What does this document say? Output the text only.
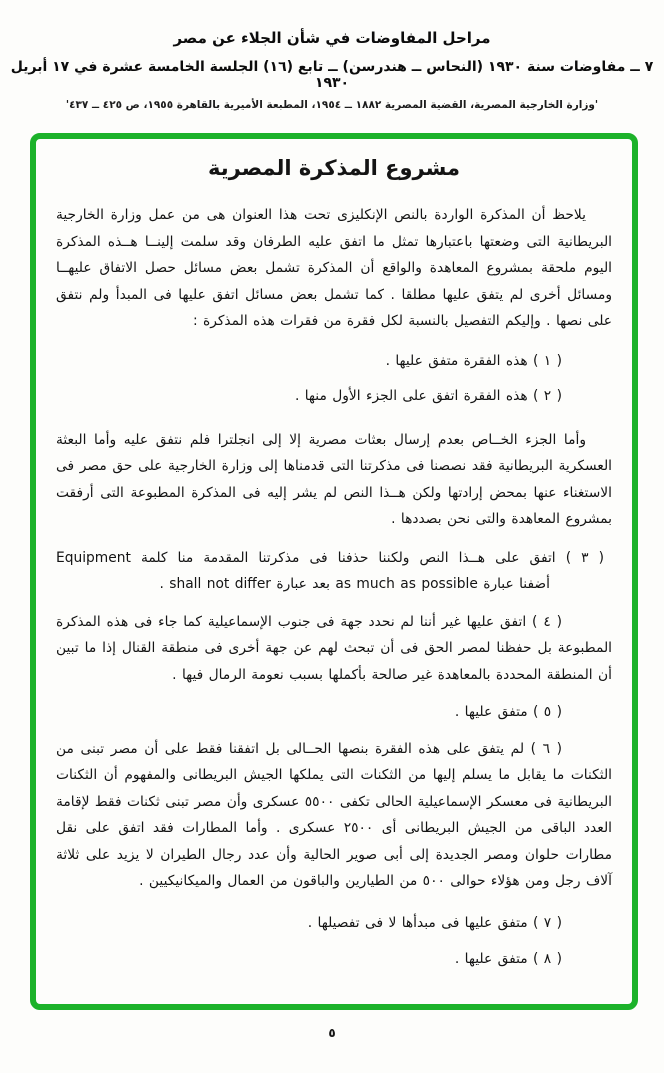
مراحل المفاوضات في شأن الجلاء عن مصر
٧ ــ مفاوضات سنة ١٩٣٠ (النحاس ــ هندرسن) ــ تابع (١٦) الجلسة الخامسة عشرة في ١٧ أبريل ١٩٣٠
'وزارة الخارجية المصرية، القضية المصرية ١٨٨٢ ــ ١٩٥٤، المطبعة الأميرية بالقاهرة ١٩٥٥، ص ٤٢٥ ــ ٤٣٧'
مشروع المذكرة المصرية

يلاحظ أن المذكرة الواردة بالنص الإنكليزى تحت هذا العنوان هى من عمل وزارة الخارجية البريطانية التى وضعتها باعتبارها تمثل ما اتفق عليه الطرفان وقد سلمت إلينــا هــذه المذكرة اليوم ملحقة بمشروع المعاهدة والواقع أن المذكرة تشمل بعض مسائل حصل الاتفاق عليهــا ومسائل أخرى لم يتفق عليها مطلقا . كما تشمل بعض مسائل اتفق عليها فى المبدأ ولم نتفق على نصها . وإليكم التفصيل بالنسبة لكل فقرة من فقرات هذه المذكرة :

( ١ ) هذه الفقرة متفق عليها .

( ٢ ) هذه الفقرة اتفق على الجزء الأول منها .

وأما الجزء الخــاص بعدم إرسال بعثات مصرية إلا إلى انجلترا فلم نتفق عليه وأما البعثة العسكرية البريطانية فقد نصصنا فى مذكرتنا التى قدمناها إلى وزارة الخارجية على حق مصر فى الاستغناء عنها بمحض إرادتها ولكن هــذا النص لم يشر إليه فى المذكرة المطبوعة التى أرفقت بمشروع المعاهدة والتى نحن بصددها .

( ٣ ) اتفق على هــذا النص ولكننا حذفنا فى مذكرتنا المقدمة منا كلمة Equipment
أضفنا عبارة as much as possible بعد عبارة shall not differ .

( ٤ ) اتفق عليها غير أننا لم نحدد جهة فى جنوب الإسماعيلية كما جاء فى هذه المذكرة المطبوعة بل حفظنا لمصر الحق فى أن تبحث لهم عن جهة أخرى فى منطقة القنال إذا ما تبين أن المنطقة المحددة بالمعاهدة غير صالحة بأكملها بسبب نعومة الرمال فيها .

( ٥ ) متفق عليها .

( ٦ ) لم يتفق على هذه الفقرة بنصها الحــالى بل اتفقنا فقط على أن مصر تبنى من الثكنات ما يقابل ما يسلم إليها من الثكنات التى يملكها الجيش البريطانى والمفهوم أن الثكنات البريطانية فى معسكر الإسماعيلية الحالى تكفى ٥٥٠٠ عسكرى وأن مصر تبنى ثكنات فقط لإقامة العدد الباقى من الجيش البريطانى أى ٢٥٠٠ عسكرى . وأما المطارات فقد اتفق على نقل مطارات حلوان ومصر الجديدة إلى أبى صوير الحالية وأن عدد رجال الطيران لا يزيد على ثلاثة آلاف رجل ومن هؤلاء حوالى ٥٠٠ من الطيارين والباقون من العمال والميكانيكيين .

( ٧ ) متفق عليها فى مبدأها لا فى تفصيلها .

( ٨ ) متفق عليها .

٥
